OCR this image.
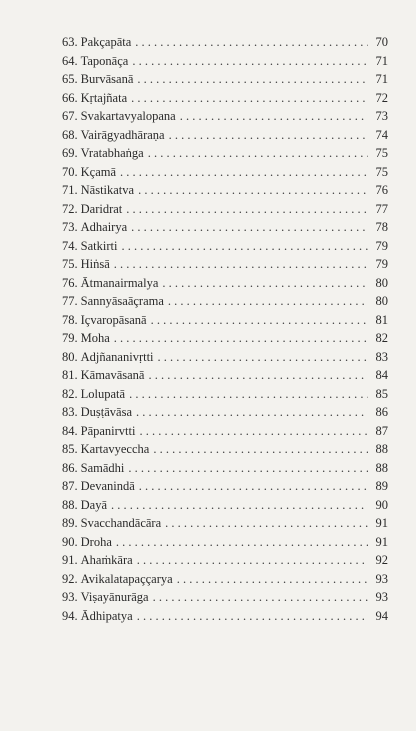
63. Pakçapāta . . .	70
64. Taponāça . . .	71
65. Burvāsanā . . .	71
66. Kṛtajñata . . .	72
67. Svakartavyalopana . . .	73
68. Vairāgyadhāraṇa . . .	74
69. Vratabhaṅga . . .	75
70. Kçamā . . .	75
71. Nāstikatva . . .	76
72. Daridrat . . .	77
73. Adhairya . . .	78
74. Satkirti . . .	79
75. Hiṅsā . . .	79
76. Ātmanairmalya . . .	80
77. Sannyāsaāçrama . . .	80
78. Içvaropāsanā . . .	81
79. Moha . . .	82
80. Adjñananivṛtti . . .	83
81. Kāmavāsanā . . .	84
82. Lolupatā . . .	85
83. Duṣṭāvāsa . . .	86
84. Pāpanirvtti . . .	87
85. Kartavyeccha . . .	88
86. Samādhi . . .	88
87. Devanindā . . .	89
88. Dayā . . .	90
89. Svacchandācāra . . .	91
90. Droha . . .	91
91. Ahaṁkāra . . .	92
92. Avikalatapaççarya . . .	93
93. Viṣayānurāga . . .	93
94. Ādhipatya . . .	94
